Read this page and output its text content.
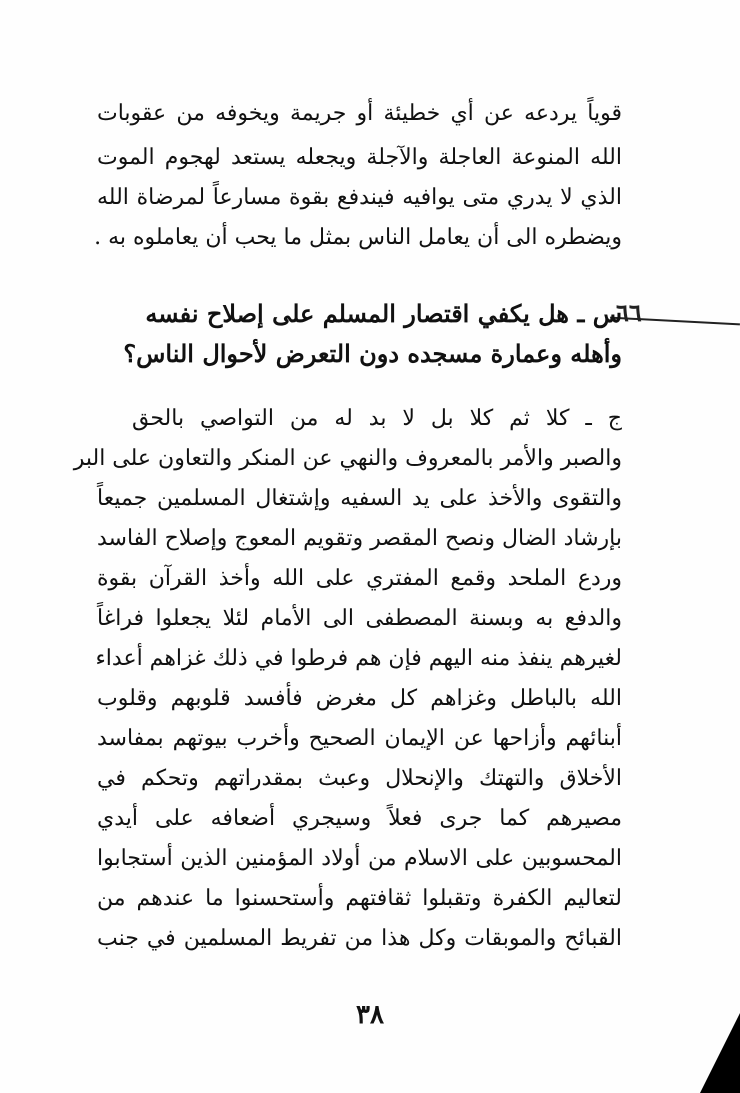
قوياً يردعه عن أي خطيئة أو جريمة ويخوفه من عقوبات
الله المنوعة العاجلة والآجلة ويجعله يستعد لهجوم الموت
الذي لا يدري متى يوافيه فيندفع بقوة مسارعاً لمرضاة الله
ويضطره الى أن يعامل الناس بمثل ما يحب أن يعاملوه به .
٦٦
س ـ هل يكفي اقتصار المسلم على إصلاح نفسه
وأهله وعمارة مسجده دون التعرض لأحوال الناس؟
ج ـ كلا ثم كلا بل لا بد له من التواصي بالحق
والصبر والأمر بالمعروف والنهي عن المنكر والتعاون على البر
والتقوى والأخذ على يد السفيه وإشتغال المسلمين جميعاً
بإرشاد الضال ونصح المقصر وتقويم المعوج وإصلاح الفاسد
وردع الملحد وقمع المفتري على الله وأخذ القرآن بقوة
والدفع به وبسنة المصطفى الى الأمام لئلا يجعلوا فراغاً
لغيرهم ينفذ منه اليهم فإن هم فرطوا في ذلك غزاهم أعداء
الله بالباطل وغزاهم كل مغرض فأفسد قلوبهم وقلوب
أبنائهم وأزاحها عن الإيمان الصحيح وأخرب بيوتهم بمفاسد
الأخلاق والتهتك والإنحلال وعبث بمقدراتهم وتحكم في
مصيرهم كما جرى فعلاً وسيجري أضعافه على أيدي
المحسوبين على الاسلام من أولاد المؤمنين الذين أستجابوا
لتعاليم الكفرة وتقبلوا ثقافتهم وأستحسنوا ما عندهم من
القبائح والموبقات وكل هذا من تفريط المسلمين في جنب
٣٨
